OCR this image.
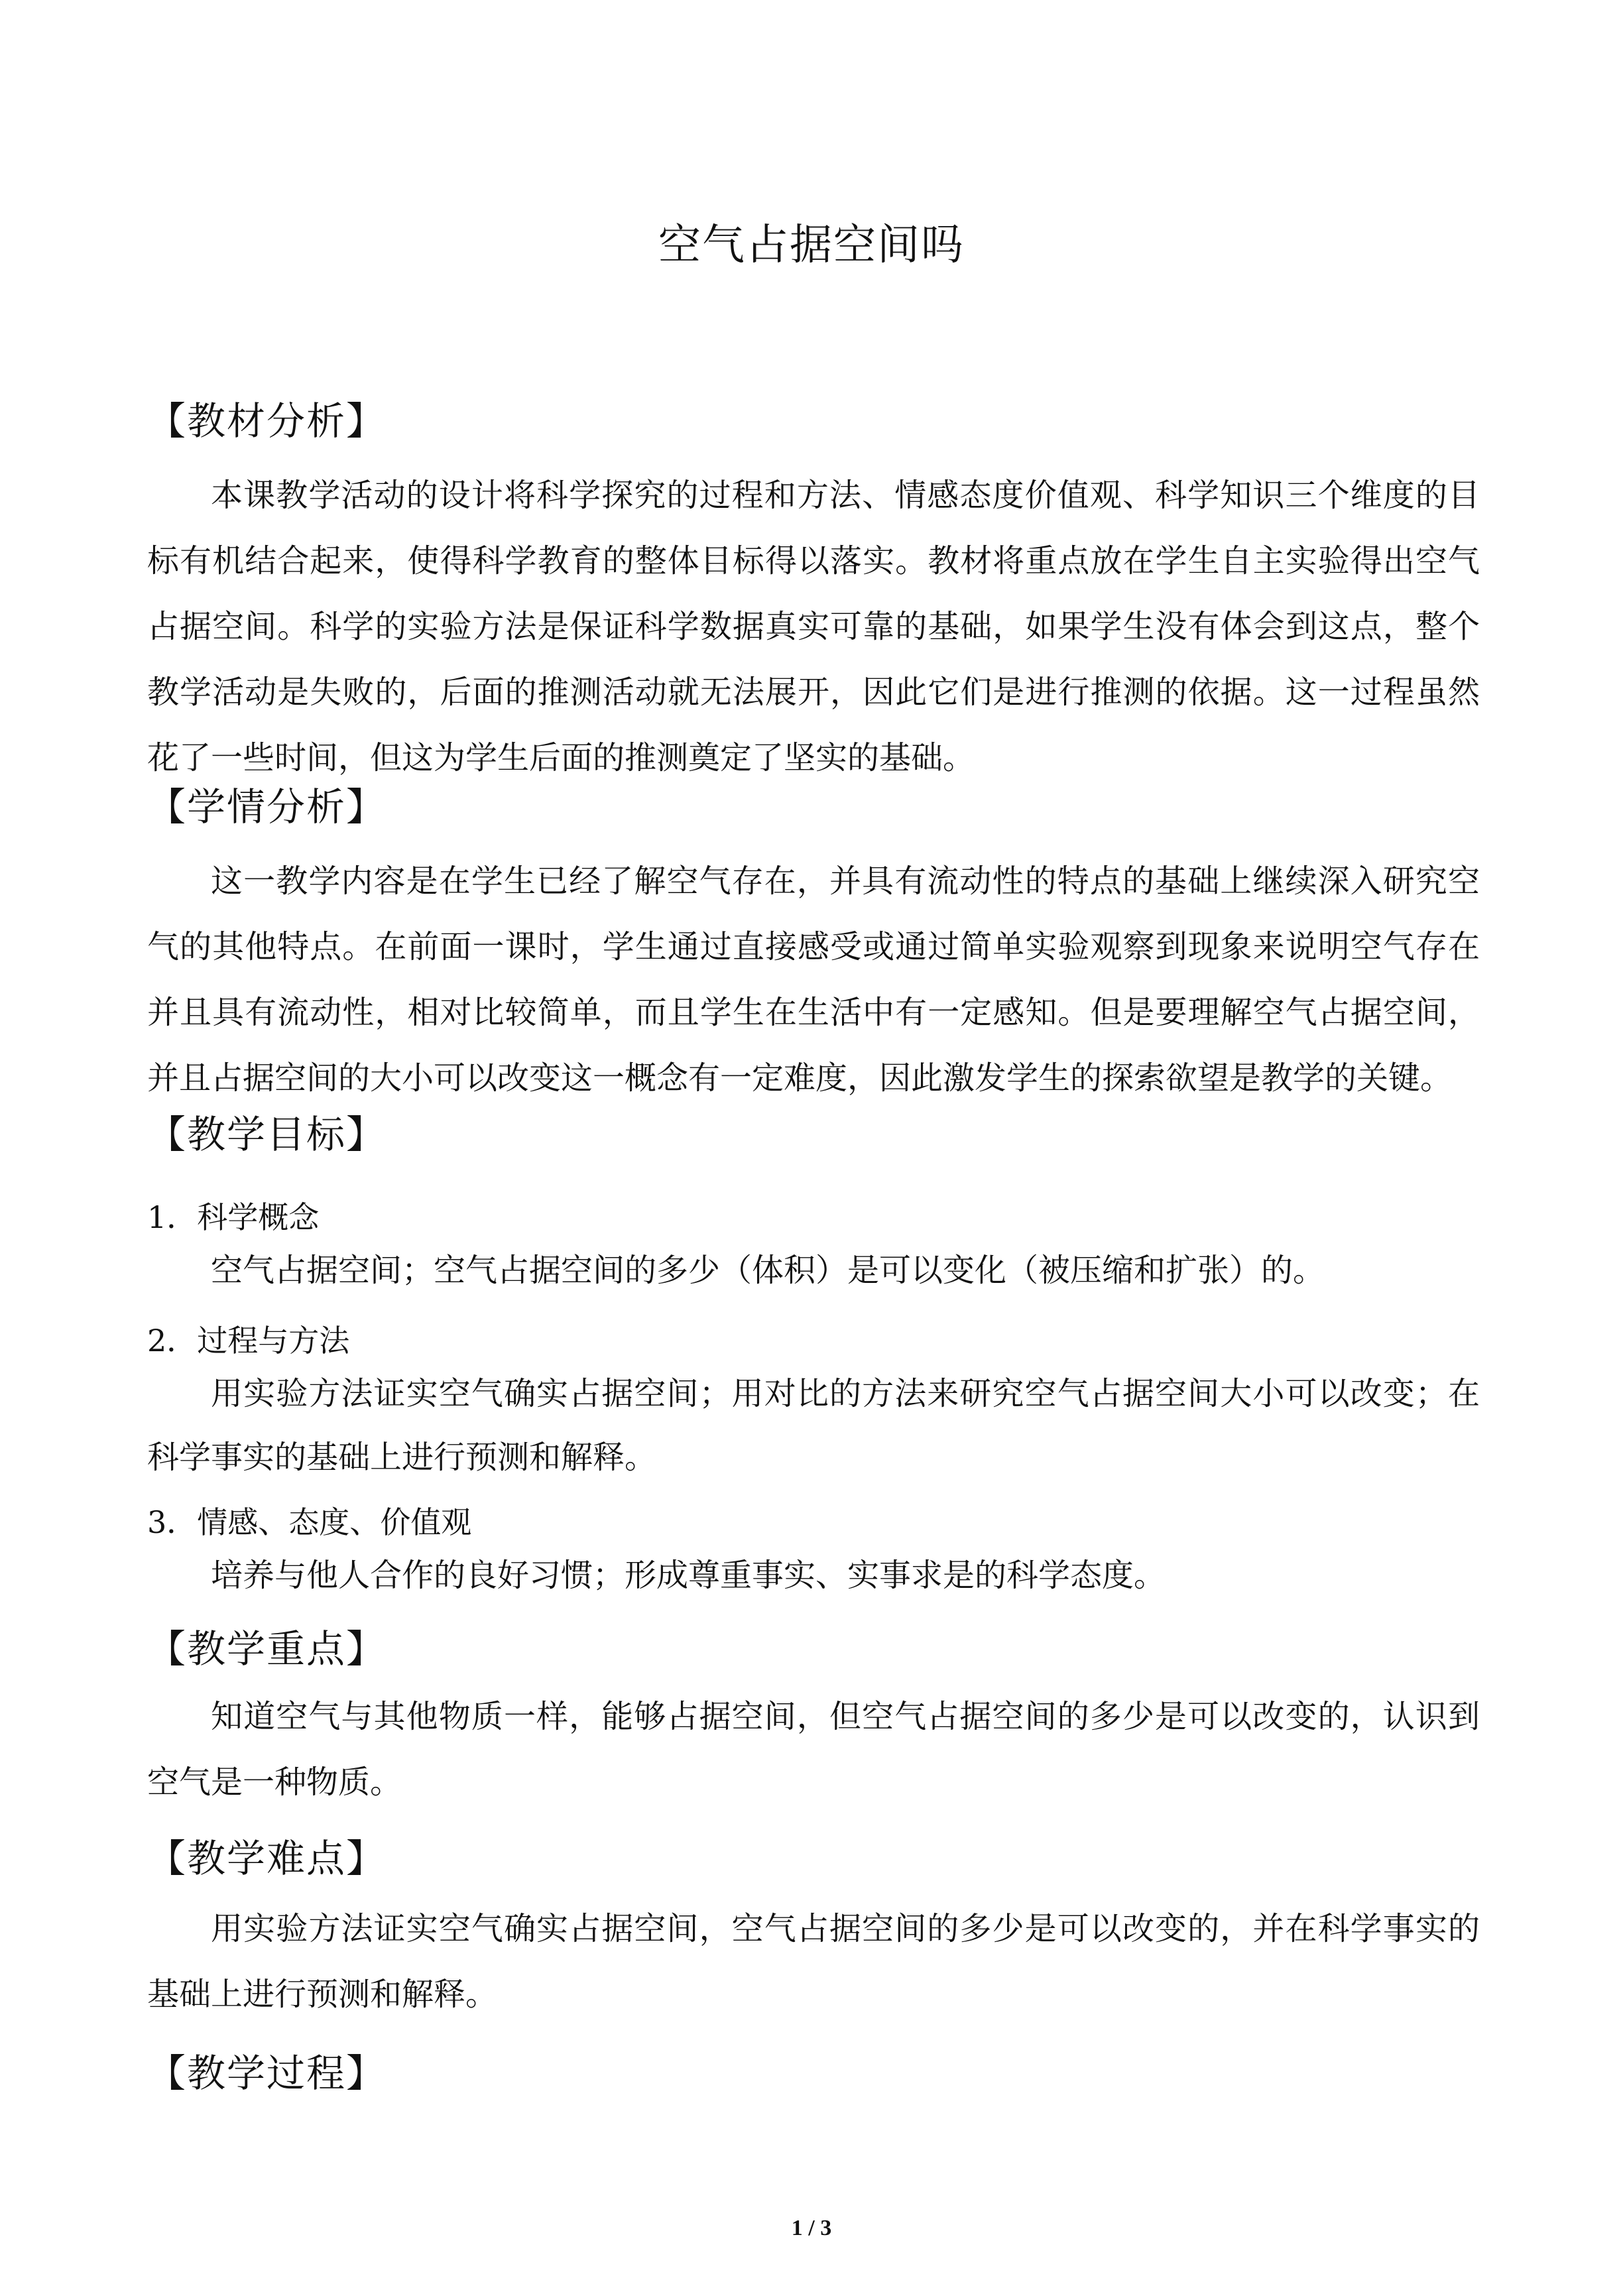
空气占据空间吗
【教材分析】

本课教学活动的设计将科学探究的过程和方法、情感态度价值观、科学知识三个维度的目标有机结合起来，使得科学教育的整体目标得以落实。教材将重点放在学生自主实验得出空气占据空间。科学的实验方法是保证科学数据真实可靠的基础，如果学生没有体会到这点，整个教学活动是失败的，后面的推测活动就无法展开，因此它们是进行推测的依据。这一过程虽然花了一些时间，但这为学生后面的推测奠定了坚实的基础。

【学情分析】

这一教学内容是在学生已经了解空气存在，并具有流动性的特点的基础上继续深入研究空气的其他特点。在前面一课时，学生通过直接感受或通过简单实验观察到现象来说明空气存在并且具有流动性，相对比较简单，而且学生在生活中有一定感知。但是要理解空气占据空间，并且占据空间的大小可以改变这一概念有一定难度，因此激发学生的探索欲望是教学的关键。

【教学目标】
1．科学概念

空气占据空间；空气占据空间的多少（体积）是可以变化（被压缩和扩张）的。

2．过程与方法

用实验方法证实空气确实占据空间；用对比的方法来研究空气占据空间大小可以改变；在科学事实的基础上进行预测和解释。

3．情感、态度、价值观

培养与他人合作的良好习惯；形成尊重事实、实事求是的科学态度。

【教学重点】

知道空气与其他物质一样，能够占据空间，但空气占据空间的多少是可以改变的，认识到空气是一种物质。

【教学难点】

用实验方法证实空气确实占据空间，空气占据空间的多少是可以改变的，并在科学事实的基础上进行预测和解释。

【教学过程】
1 / 3
